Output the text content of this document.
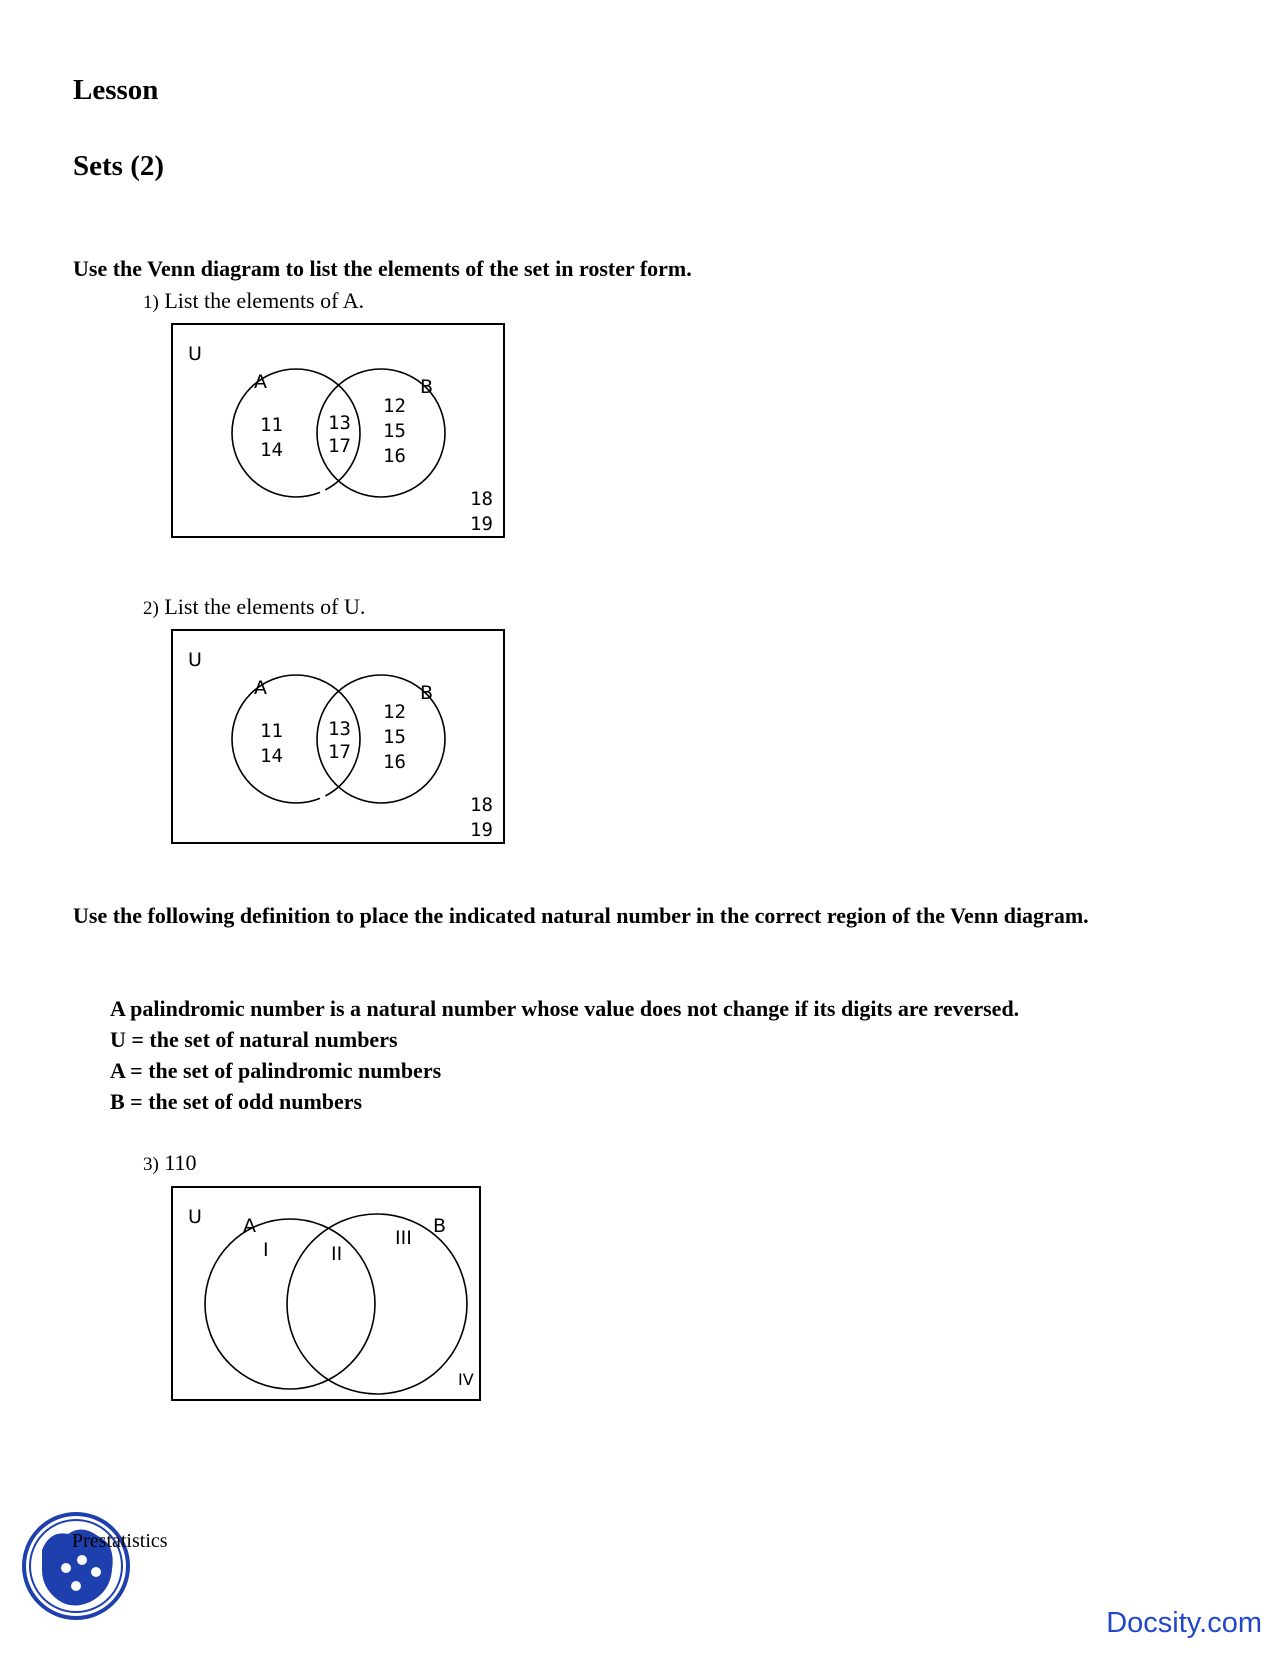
Lesson
Sets (2)
Use the Venn diagram to list the elements of the set in roster form.
1) List the elements of A.
U
A	B
11
14
13
17
12
15
16
18
19
2) List the elements of U.
U
A	B
11
14
13
17
12
15
16
18
19
Use the following definition to place the indicated natural number in the correct region of the Venn diagram.
A palindromic number is a natural number whose value does not change if its digits are reversed.
U = the set of natural numbers
A = the set of palindromic numbers
B = the set of odd numbers
3) 110
U A	B
I	II
III
IV
Prestatistics
Docsity.com
